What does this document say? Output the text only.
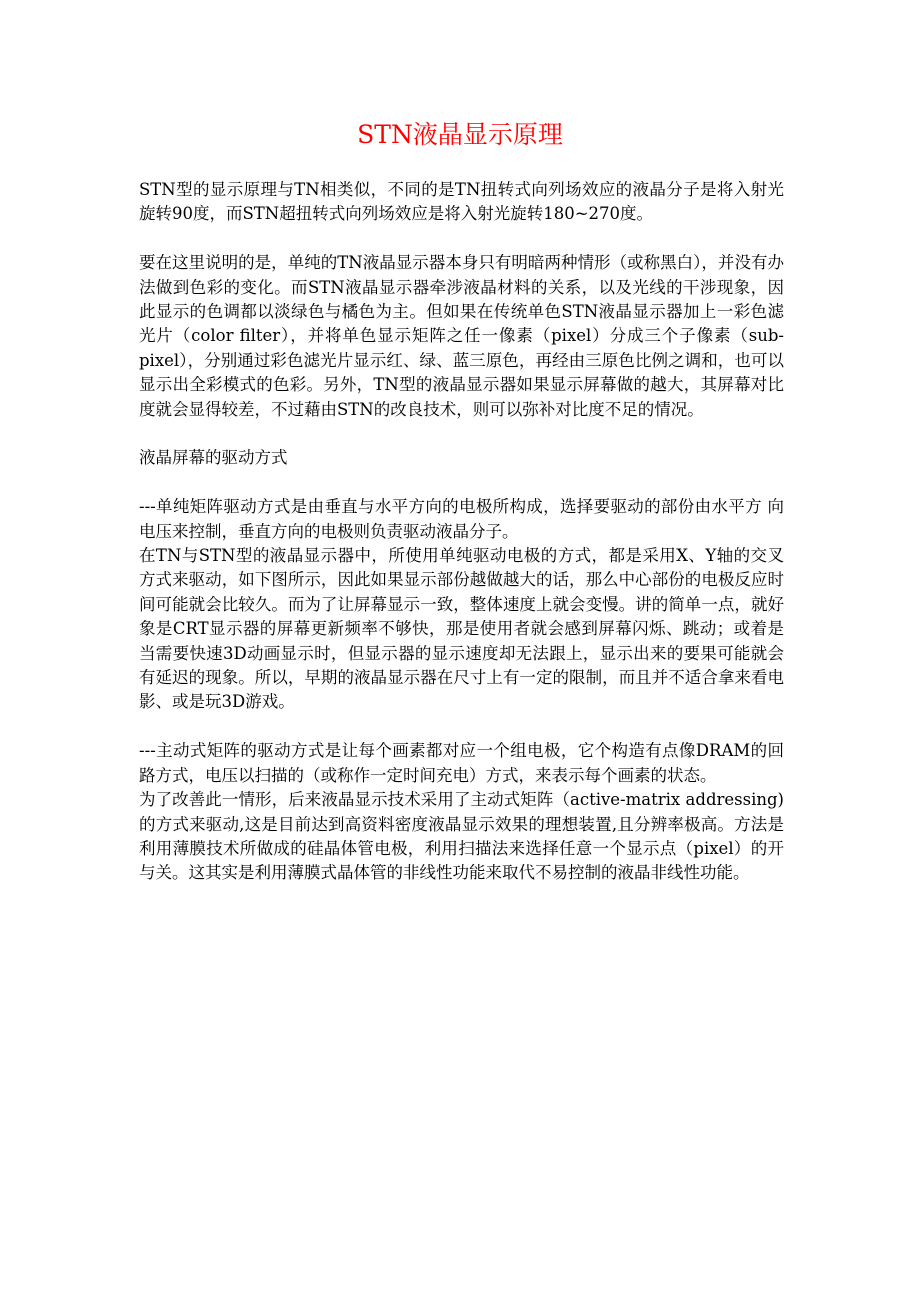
STN液晶显示原理

STN型的显示原理与TN相类似，不同的是TN扭转式向列场效应的液晶分子是将入射光旋转90度，而STN超扭转式向列场效应是将入射光旋转180~270度。

要在这里说明的是，单纯的TN液晶显示器本身只有明暗两种情形（或称黑白），并没有办法做到色彩的变化。而STN液晶显示器牵涉液晶材料的关系，以及光线的干涉现象，因此显示的色调都以淡绿色与橘色为主。但如果在传统单色STN液晶显示器加上一彩色滤光片（color filter），并将单色显示矩阵之任一像素（pixel）分成三个子像素（sub-pixel），分别通过彩色滤光片显示红、绿、蓝三原色，再经由三原色比例之调和，也可以显示出全彩模式的色彩。另外，TN型的液晶显示器如果显示屏幕做的越大，其屏幕对比度就会显得较差，不过藉由STN的改良技术，则可以弥补对比度不足的情况。

液晶屏幕的驱动方式

---单纯矩阵驱动方式是由垂直与水平方向的电极所构成，选择要驱动的部份由水平方 向电压来控制，垂直方向的电极则负责驱动液晶分子。

在TN与STN型的液晶显示器中，所使用单纯驱动电极的方式，都是采用X、Y轴的交叉方式来驱动，如下图所示，因此如果显示部份越做越大的话，那么中心部份的电极反应时间可能就会比较久。而为了让屏幕显示一致，整体速度上就会变慢。讲的简单一点，就好象是CRT显示器的屏幕更新频率不够快，那是使用者就会感到屏幕闪烁、跳动；或着是当需要快速3D动画显示时，但显示器的显示速度却无法跟上，显示出来的要果可能就会有延迟的现象。所以，早期的液晶显示器在尺寸上有一定的限制，而且并不适合拿来看电影、或是玩3D游戏。

---主动式矩阵的驱动方式是让每个画素都对应一个组电极，它个构造有点像DRAM的回路方式，电压以扫描的（或称作一定时间充电）方式，来表示每个画素的状态。

为了改善此一情形，后来液晶显示技术采用了主动式矩阵（active-matrix addressing)的方式来驱动,这是目前达到高资料密度液晶显示效果的理想装置,且分辨率极高。方法是利用薄膜技术所做成的硅晶体管电极，利用扫描法来选择任意一个显示点（pixel）的开与关。这其实是利用薄膜式晶体管的非线性功能来取代不易控制的液晶非线性功能。
